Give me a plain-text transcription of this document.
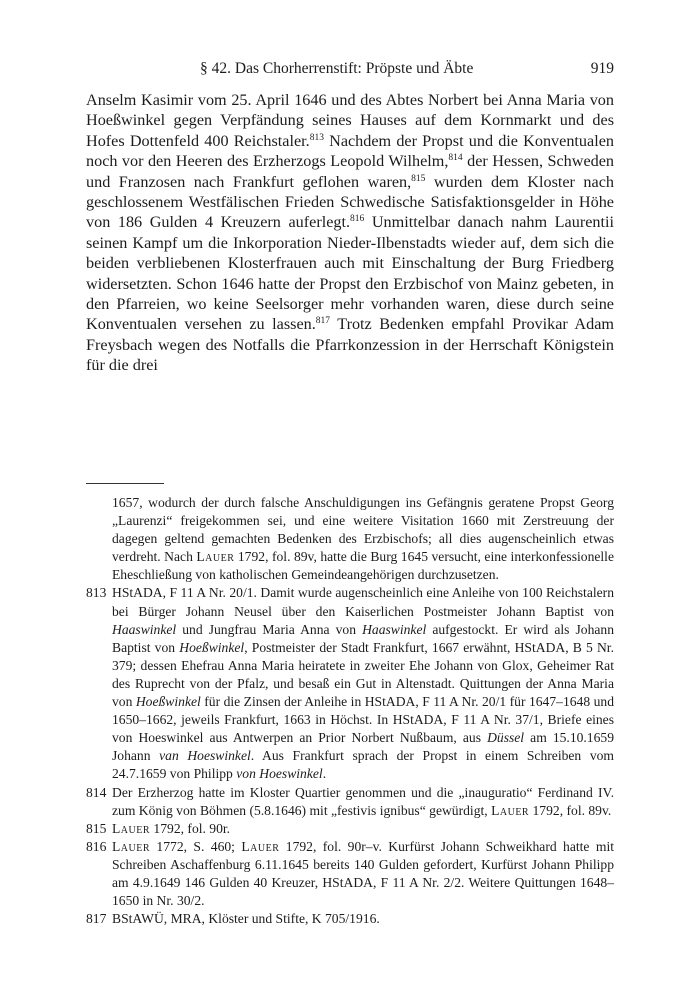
§ 42. Das Chorherrenstift: Pröpste und Äbte	919

Anselm Kasimir vom 25. April 1646 und des Abtes Norbert bei Anna Maria von Hoeßwinkel gegen Verpfändung seines Hauses auf dem Kornmarkt und des Hofes Dottenfeld 400 Reichstaler.$^{813}$ Nachdem der Propst und die Konventualen noch vor den Heeren des Erzherzogs Leopold Wilhelm,$^{814}$ der Hessen, Schweden und Franzosen nach Frankfurt geflohen waren,$^{815}$ wurden dem Kloster nach geschlossenem Westfälischen Frieden Schwedische Satisfaktionsgelder in Höhe von 186 Gulden 4 Kreuzern auferlegt.$^{816}$ Unmittelbar danach nahm Laurentii seinen Kampf um die Inkorporation Nieder-Ilbenstadts wieder auf, dem sich die beiden verbliebenen Klosterfrauen auch mit Einschaltung der Burg Friedberg widersetzten. Schon 1646 hatte der Propst den Erzbischof von Mainz gebeten, in den Pfarreien, wo keine Seelsorger mehr vorhanden waren, diese durch seine Konventualen versehen zu lassen.$^{817}$ Trotz Bedenken empfahl Provikar Adam Freysbach wegen des Notfalls die Pfarrkonzession in der Herrschaft Königstein für die drei

1657, wodurch der durch falsche Anschuldigungen ins Gefängnis geratene Propst Georg „Laurenzi“ freigekommen sei, und eine weitere Visitation 1660 mit Zerstreuung der dagegen geltend gemachten Bedenken des Erzbischofs; all dies augenscheinlich etwas verdreht. Nach Lauer 1792, fol. 89v, hatte die Burg 1645 versucht, eine interkonfessionelle Eheschließung von katholischen Gemeindeangehörigen durchzusetzen.
813 HStADA, F 11 A Nr. 20/1. Damit wurde augenscheinlich eine Anleihe von 100 Reichstalern bei Bürger Johann Neusel über den Kaiserlichen Postmeister Johann Baptist von Haaswinkel und Jungfrau Maria Anna von Haaswinkel aufgestockt. Er wird als Johann Baptist von Hoeßwinkel, Postmeister der Stadt Frankfurt, 1667 erwähnt, HStADA, B 5 Nr. 379; dessen Ehefrau Anna Maria heiratete in zweiter Ehe Johann von Glox, Geheimer Rat des Ruprecht von der Pfalz, und besaß ein Gut in Altenstadt. Quittungen der Anna Maria von Hoeßwinkel für die Zinsen der Anleihe in HStADA, F 11 A Nr. 20/1 für 1647–1648 und 1650–1662, jeweils Frankfurt, 1663 in Höchst. In HStADA, F 11 A Nr. 37/1, Briefe eines von Hoeswinkel aus Antwerpen an Prior Norbert Nußbaum, aus Düssel am 15.10.1659 Johann van Hoeswinkel. Aus Frankfurt sprach der Propst in einem Schreiben vom 24.7.1659 von Philipp von Hoeswinkel.
814 Der Erzherzog hatte im Kloster Quartier genommen und die „inauguratio“ Ferdinand IV. zum König von Böhmen (5.8.1646) mit „festivis ignibus“ gewürdigt, Lauer 1792, fol. 89v.
815 Lauer 1792, fol. 90r.
816 Lauer 1772, S. 460; Lauer 1792, fol. 90r–v. Kurfürst Johann Schweikhard hatte mit Schreiben Aschaffenburg 6.11.1645 bereits 140 Gulden gefordert, Kurfürst Johann Philipp am 4.9.1649 146 Gulden 40 Kreuzer, HStADA, F 11 A Nr. 2/2. Weitere Quittungen 1648–1650 in Nr. 30/2.
817 BStAWÜ, MRA, Klöster und Stifte, K 705/1916.
